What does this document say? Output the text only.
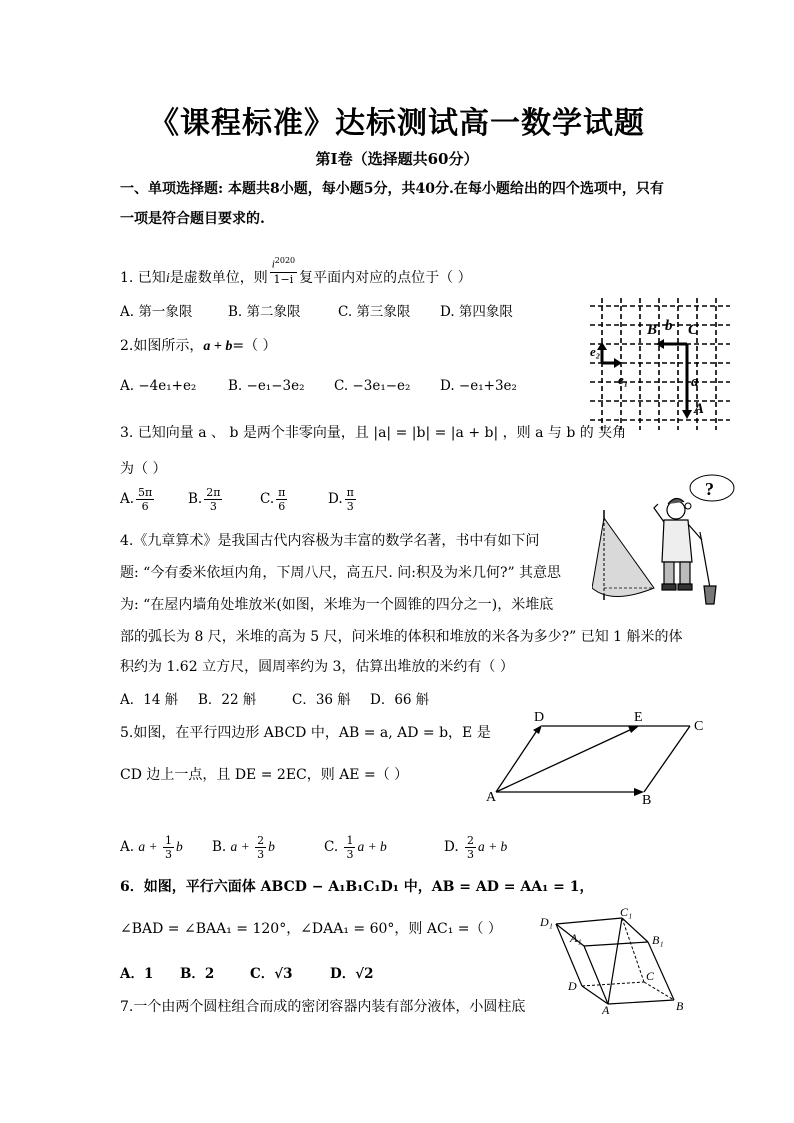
《课程标准》达标测试高一数学试题
第Ⅰ卷（选择题共60分）
一、单项选择题: 本题共8小题，每小题5分，共40分.在每小题给出的四个选项中，只有
一项是符合题目要求的.
1. 已知i是虚数单位，则 $\frac{i^{2020}}{1-i}$ 复平面内对应的点位于（ ）
A. 第一象限	B. 第二象限	C. 第三象限 D. 第四象限
2.如图所示，a + b=（ ）
A. −4e₁+e₂ B. −e₁−3e₂ C. −3e₁−e₂ D. −e₁+3e₂
B b C
e₂
e₁	a
A
3. 已知向量 a 、 b 是两个非零向量，且 |a| = |b| = |a + b| ，则 a 与 b 的 夹角
为（ ）
A. $\frac{5\pi}{6} B$. $\frac{2\pi}{3}$	C. $\frac{\pi}{6}$	D. $\frac{\pi}{3}$
4.《九章算术》是我国古代内容极为丰富的数学名著，书中有如下问
题: “今有委米依垣内角，下周八尺，高五尺. 问:积及为米几何?” 其意思
为: “在屋内墙角处堆放米(如图，米堆为一个圆锥的四分之一)，米堆底
部的弧长为 8 尺，米堆的高为 5 尺，问米堆的体积和堆放的米各为多少?” 已知 1 斛米的体
积约为 1.62 立方尺，圆周率约为 3，估算出堆放的米约有（ ）
A．14 斛 B．22 斛	C．36 斛 D．66 斛
?
5.如图，在平行四边形 ABCD 中，AB = a, AD = b，E 是
CD 边上一点，且 DE = 2EC，则 AE =（ ）
A. $a + \frac{1}{3}$ b B. $a + \frac{2}{3}$ b	C. $\frac{1}{3}$ a + b	D. $\frac{2}{3}$ a + b
D	E
C
A	B
6．如图，平行六面体 ABCD − A₁B₁C₁D₁ 中，AB = AD = AA₁ = 1，
∠BAD = ∠BAA₁ = 120°，∠DAA₁ = 60°，则 AC₁ =（ ）
A．1 B．2	C．√3	D．√2
D₁
C₁
A₁	B₁
D
C
A	B
7.一个由两个圆柱组合而成的密闭容器内装有部分液体，小圆柱底
